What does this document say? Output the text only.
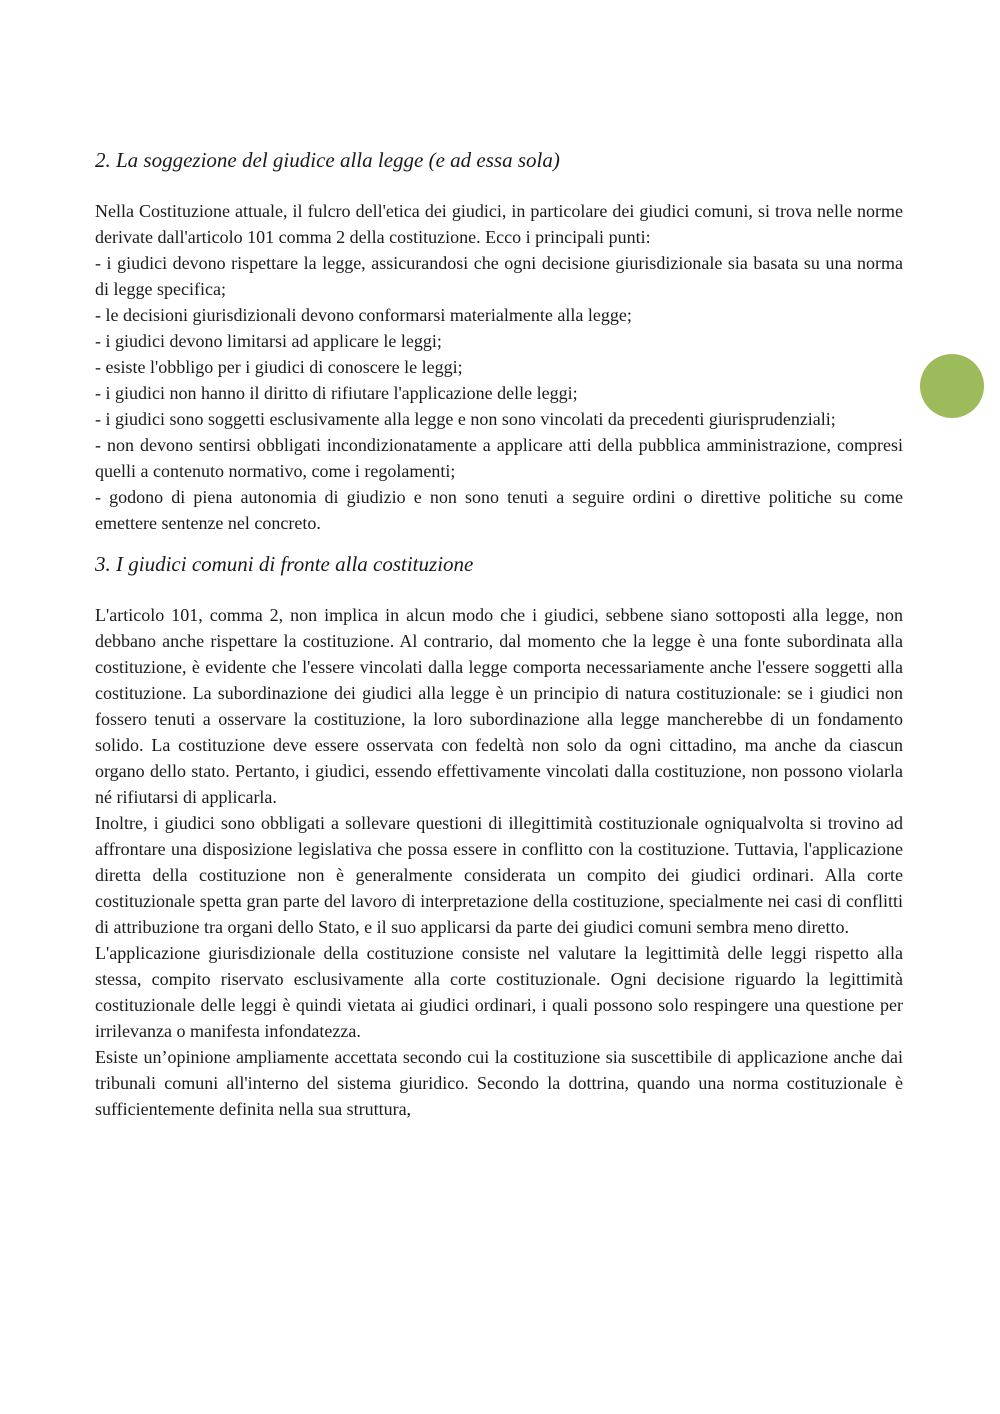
2. La soggezione del giudice alla legge (e ad essa sola)

Nella Costituzione attuale, il fulcro dell'etica dei giudici, in particolare dei giudici comuni, si trova nelle norme derivate dall'articolo 101 comma 2 della costituzione. Ecco i principali punti:

- i giudici devono rispettare la legge, assicurandosi che ogni decisione giurisdizionale sia basata su una norma di legge specifica;

- le decisioni giurisdizionali devono conformarsi materialmente alla legge;

- i giudici devono limitarsi ad applicare le leggi;

- esiste l'obbligo per i giudici di conoscere le leggi;

- i giudici non hanno il diritto di rifiutare l'applicazione delle leggi;

- i giudici sono soggetti esclusivamente alla legge e non sono vincolati da precedenti giurisprudenziali;

- non devono sentirsi obbligati incondizionatamente a applicare atti della pubblica amministrazione, compresi quelli a contenuto normativo, come i regolamenti;

- godono di piena autonomia di giudizio e non sono tenuti a seguire ordini o direttive politiche su come emettere sentenze nel concreto.

3. I giudici comuni di fronte alla costituzione

L'articolo 101, comma 2, non implica in alcun modo che i giudici, sebbene siano sottoposti alla legge, non debbano anche rispettare la costituzione. Al contrario, dal momento che la legge è una fonte subordinata alla costituzione, è evidente che l'essere vincolati dalla legge comporta necessariamente anche l'essere soggetti alla costituzione. La subordinazione dei giudici alla legge è un principio di natura costituzionale: se i giudici non fossero tenuti a osservare la costituzione, la loro subordinazione alla legge mancherebbe di un fondamento solido. La costituzione deve essere osservata con fedeltà non solo da ogni cittadino, ma anche da ciascun organo dello stato. Pertanto, i giudici, essendo effettivamente vincolati dalla costituzione, non possono violarla né rifiutarsi di applicarla.

Inoltre, i giudici sono obbligati a sollevare questioni di illegittimità costituzionale ogniqualvolta si trovino ad affrontare una disposizione legislativa che possa essere in conflitto con la costituzione. Tuttavia, l'applicazione diretta della costituzione non è generalmente considerata un compito dei giudici ordinari. Alla corte costituzionale spetta gran parte del lavoro di interpretazione della costituzione, specialmente nei casi di conflitti di attribuzione tra organi dello Stato, e il suo applicarsi da parte dei giudici comuni sembra meno diretto.

L'applicazione giurisdizionale della costituzione consiste nel valutare la legittimità delle leggi rispetto alla stessa, compito riservato esclusivamente alla corte costituzionale. Ogni decisione riguardo la legittimità costituzionale delle leggi è quindi vietata ai giudici ordinari, i quali possono solo respingere una questione per irrilevanza o manifesta infondatezza.

Esiste un’opinione ampliamente accettata secondo cui la costituzione sia suscettibile di applicazione anche dai tribunali comuni all'interno del sistema giuridico. Secondo la dottrina, quando una norma costituzionale è sufficientemente definita nella sua struttura,
